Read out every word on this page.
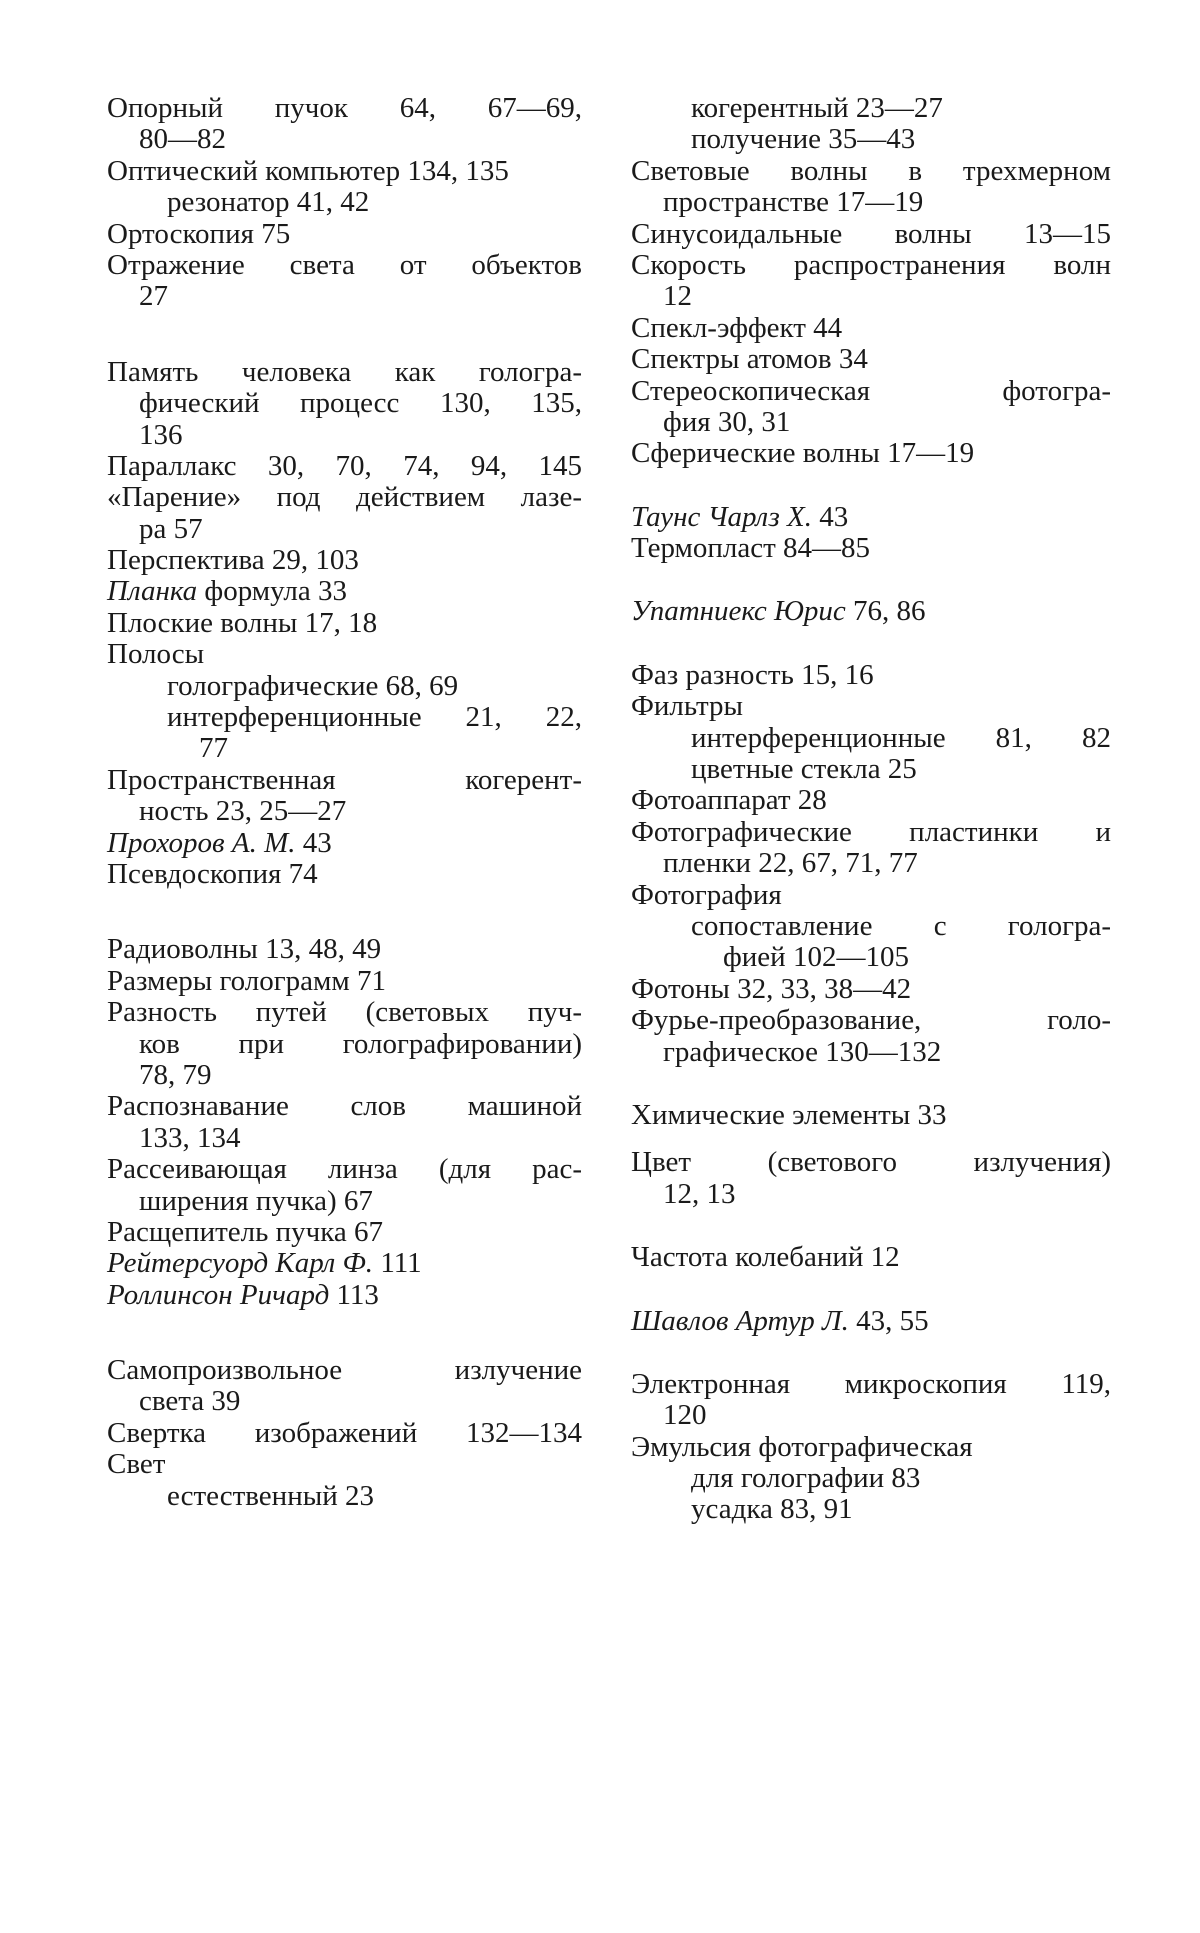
Опорный пучок 64, 67—69,
80—82
Оптический компьютер 134, 135
резонатор 41, 42
Ортоскопия 75
Отражение света от объектов
27
Память человека как гологра-
фический процесс 130, 135,
136
Параллакс 30, 70, 74, 94, 145
«Парение» под действием лазе-
ра 57
Перспектива 29, 103
Планка формула 33
Плоские волны 17, 18
Полосы
голографические 68, 69
интерференционные 21, 22,
77
Пространственная когерент-
ность 23, 25—27
Прохоров А. М. 43
Псевдоскопия 74
Радиоволны 13, 48, 49
Размеры голограмм 71
Разность путей (световых пуч-
ков при голографировании)
78, 79
Распознавание слов машиной
133, 134
Рассеивающая линза (для рас-
ширения пучка) 67
Расщепитель пучка 67
Рейтерсуорд Карл Ф. 111
Роллинсон Ричард 113
Самопроизвольное излучение
света 39
Свертка изображений 132—134
Свет
естественный 23
когерентный 23—27
получение 35—43
Световые волны в трехмерном
пространстве 17—19
Синусоидальные волны 13—15
Скорость распространения волн
12
Спекл-эффект 44
Спектры атомов 34
Стереоскопическая фотогра-
фия 30, 31
Сферические волны 17—19
Таунс Чарлз Х. 43
Термопласт 84—85
Упатниекс Юрис 76, 86
Фаз разность 15, 16
Фильтры
интерференционные 81, 82
цветные стекла 25
Фотоаппарат 28
Фотографические пластинки и
пленки 22, 67, 71, 77
Фотография
сопоставление с гологра-
фией 102—105
Фотоны 32, 33, 38—42
Фурье-преобразование, голо-
графическое 130—132
Химические элементы 33
Цвет (светового излучения)
12, 13
Частота колебаний 12
Шавлов Артур Л. 43, 55
Электронная микроскопия 119,
120
Эмульсия фотографическая
для голографии 83
усадка 83, 91
